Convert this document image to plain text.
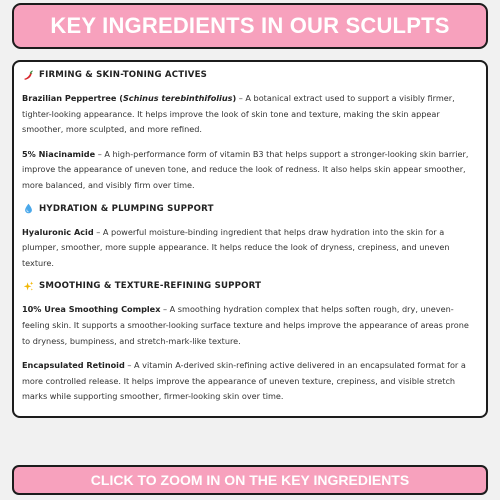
KEY INGREDIENTS IN OUR SCULPTS
FIRMING & SKIN-TONING ACTIVES

Brazilian Peppertree (Schinus terebinthifolius) – A botanical extract used to support a visibly firmer, tighter-looking appearance. It helps improve the look of skin tone and texture, making the skin appear smoother, more sculpted, and more refined.

5% Niacinamide – A high-performance form of vitamin B3 that helps support a stronger-looking skin barrier, improve the appearance of uneven tone, and reduce the look of redness. It also helps skin appear smoother, more balanced, and visibly firm over time.

HYDRATION & PLUMPING SUPPORT

Hyaluronic Acid – A powerful moisture-binding ingredient that helps draw hydration into the skin for a plumper, smoother, more supple appearance. It helps reduce the look of dryness, crepiness, and uneven texture.

SMOOTHING & TEXTURE-REFINING SUPPORT

10% Urea Smoothing Complex – A smoothing hydration complex that helps soften rough, dry, uneven-feeling skin. It supports a smoother-looking surface texture and helps improve the appearance of areas prone to dryness, bumpiness, and stretch-mark-like texture.

Encapsulated Retinoid – A vitamin A-derived skin-refining active delivered in an encapsulated format for a more controlled release. It helps improve the appearance of uneven texture, crepiness, and visible stretch marks while supporting smoother, firmer-looking skin over time.

CLICK TO ZOOM IN ON THE KEY INGREDIENTS
